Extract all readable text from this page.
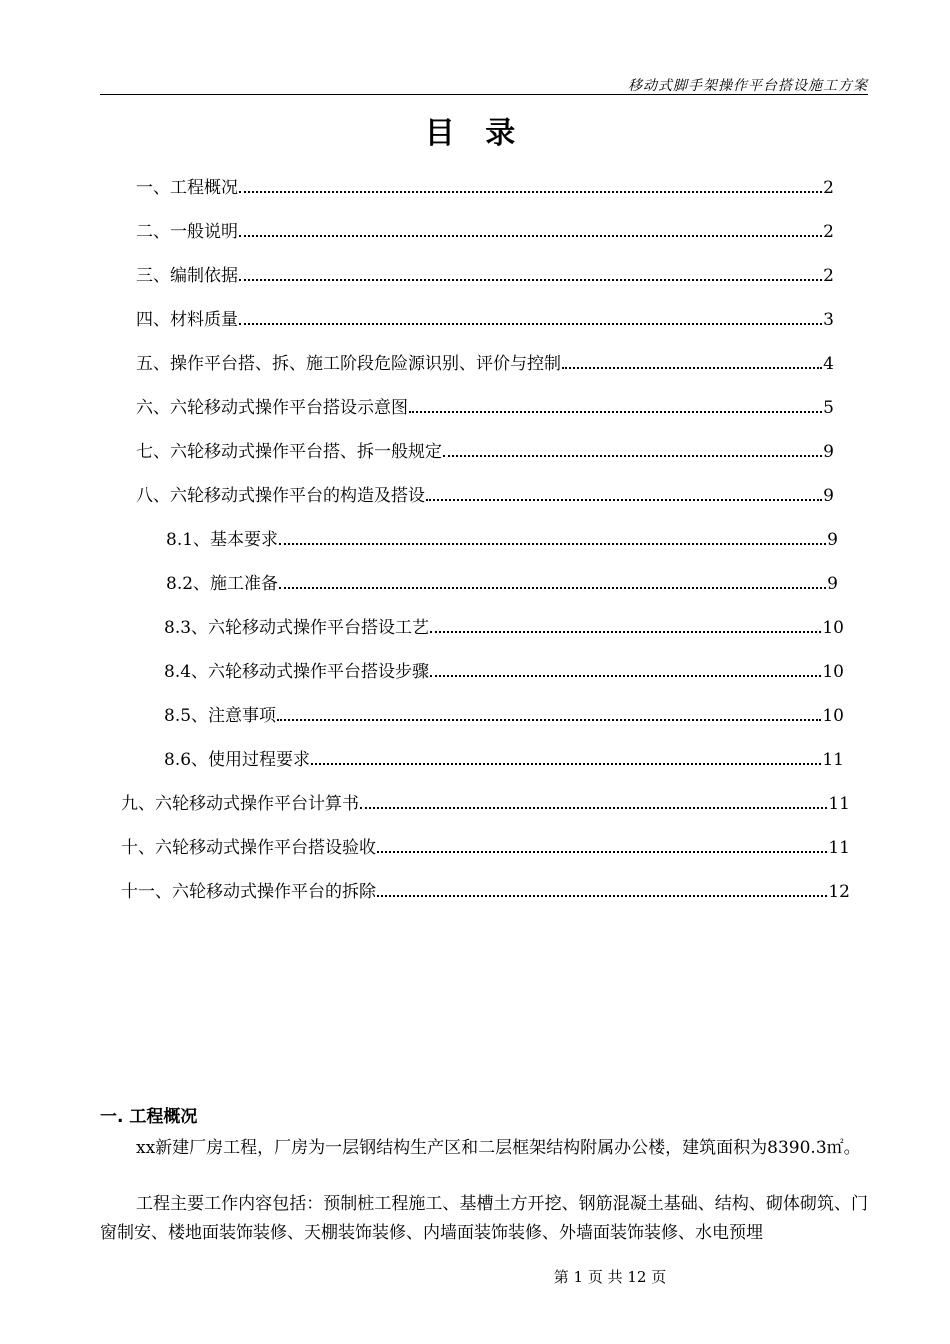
移动式脚手架操作平台搭设施工方案
目 录
一、工程概况	2
二、一般说明	2
三、编制依据	2
四、材料质量	3
五、操作平台搭、拆、施工阶段危险源识别、评价与控制	4
六、六轮移动式操作平台搭设示意图	5
七、六轮移动式操作平台搭、拆一般规定	9
八、六轮移动式操作平台的构造及搭设	9
8.1、基本要求	9
8.2、施工准备	9
8.3、六轮移动式操作平台搭设工艺	10
8.4、六轮移动式操作平台搭设步骤	10
8.5、注意事项	10
8.6、使用过程要求	11
九、六轮移动式操作平台计算书	11
十、六轮移动式操作平台搭设验收	11
十一、六轮移动式操作平台的拆除	12
一. 工程概况
xx新建厂房工程，厂房为一层钢结构生产区和二层框架结构附属办公楼，建筑面积为8390.3㎡。
工程主要工作内容包括：预制桩工程施工、基槽土方开挖、钢筋混凝土基础、结构、砌体砌筑、门窗制安、楼地面装饰装修、天棚装饰装修、内墙面装饰装修、外墙面装饰装修、水电预埋
第 1 页 共 12 页
